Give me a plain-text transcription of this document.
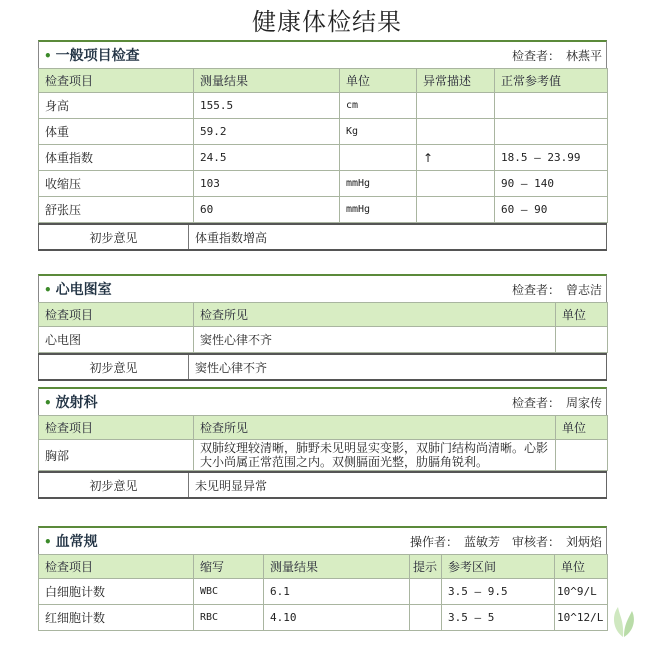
健康体检结果
• 一般项目检查	检查者： 林燕平
检查项目	测量结果	单位	异常描述	正常参考值
身高	155.5	cm		
体重	59.2	Kg		
体重指数	24.5		↑	18.5 — 23.99
收缩压	103	mmHg		90 — 140
舒张压	60	mmHg		60 — 90
初步意见	体重指数增高
• 心电图室	检查者： 曾志洁
检查项目	检查所见	单位
心电图	窦性心律不齐	
初步意见	窦性心律不齐
• 放射科	检查者： 周家传
检查项目	检查所见	单位
胸部	双肺纹理较清晰，肺野未见明显实变影，双肺门结构尚清晰。心影大小尚属正常范围之内。双侧膈面光整，肋膈角锐利。	
初步意见	未见明显异常
• 血常规	操作者： 蓝敏芳 审核者： 刘炳焰
检查项目	缩写	测量结果	提示	参考区间	单位
白细胞计数	WBC	6.1		3.5 — 9.5	10^9/L
红细胞计数	RBC	4.10		3.5 — 5	10^12/L
